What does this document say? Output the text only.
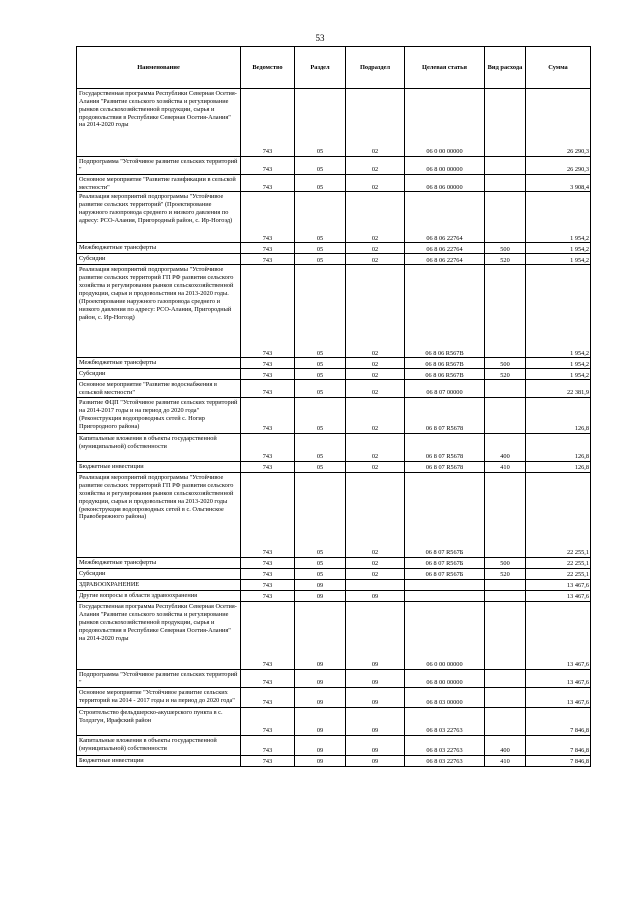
53
Наименование	Ведомство	Раздел	Подраздел	Целевая статья	Вид расхода	Сумма
Государственная программа Республики Северная Осетия-Алания "Развитие сельского хозяйства и регулирование рынков сельскохозяйственной продукции, сырья и продовольствия в Республике Северная Осетия-Алания" на 2014-2020 годы	743	05	02	06 0 00 00000		26 290,3
Подпрограмма "Устойчивое развитие сельских территорий "	743	05	02	06 8 00 00000		26 290,3
Основное мероприятие "Развитие газификации в сельской местности"	743	05	02	06 8 06 00000		3 908,4
Реализация мероприятий подпрограммы "Устойчивое развитие сельских территорий" (Проектирование наружного газопровода среднего и низкого давления по адресу: РСО-Алания, Пригородный район, с. Ир-Ногоэд)	743	05	02	06 8 06 22764		1 954,2
Межбюджетные трансферты	743	05	02	06 8 06 22764	500	1 954,2
Субсидии	743	05	02	06 8 06 22764	520	1 954,2
Реализация мероприятий подпрограммы "Устойчивое развитие сельских территорий ГП РФ развития сельского хозяйства и регулирования рынков сельскохозяйственной продукции, сырья и продовольствия на 2013-2020 годы. (Проектирование наружного газопровода среднего и низкого давления по адресу: РСО-Алания, Пригородный район, с. Ир-Ногоэд)	743	05	02	06 8 06 R567В		1 954,2
Межбюджетные трансферты	743	05	02	06 8 06 R567В	500	1 954,2
Субсидии	743	05	02	06 8 06 R567В	520	1 954,2
Основное мероприятие "Развитие водоснабжения в сельской местности"	743	05	02	06 8 07 00000		22 381,9
Развитие ФЦП "Устойчивое развитие сельских территорий на 2014-2017 годы и на период до 2020 года" (Реконструкция водопроводных сетей с. Ногир Пригородного района)	743	05	02	06 8 07 R5678		126,8
Капитальные вложения в объекты государственной (муниципальной) собственности	743	05	02	06 8 07 R5678	400	126,8
Бюджетные инвестиции	743	05	02	06 8 07 R5678	410	126,8
Реализация мероприятий подпрограммы "Устойчивое развитие сельских территорий ГП РФ развития сельского хозяйства и регулирования рынков сельскохозяйственной продукции, сырья и продовольствия на 2013-2020 годы (реконструкция водопроводных сетей в с. Ольгинское Правобережного района)	743	05	02	06 8 07 R567Б		22 255,1
Межбюджетные трансферты	743	05	02	06 8 07 R567Б	500	22 255,1
Субсидии	743	05	02	06 8 07 R567Б	520	22 255,1
ЗДРАВООХРАНЕНИЕ	743	09				13 467,6
Другие вопросы в области здравоохранения	743	09	09			13 467,6
Государственная программа Республики Северная Осетия-Алания "Развитие сельского хозяйства и регулирование рынков сельскохозяйственной продукции, сырья и продовольствия в Республике Северная Осетия-Алания" на 2014-2020 годы	743	09	09	06 0 00 00000		13 467,6
Подпрограмма "Устойчивое развитие сельских территорий "	743	09	09	06 8 00 00000		13 467,6
Основное мероприятие "Устойчивое развитие сельских территорий на 2014 - 2017 годы и на период до 2020 года"	743	09	09	06 8 03 00000		13 467,6
Строительство фельдшерско-акушерского пункта в с. Толдзгун, Ирафский район	743	09	09	06 8 03 22763		7 846,8
Капитальные вложения в объекты государственной (муниципальной) собственности	743	09	09	06 8 03 22763	400	7 846,8
Бюджетные инвестиции	743	09	09	06 8 03 22763	410	7 846,8
